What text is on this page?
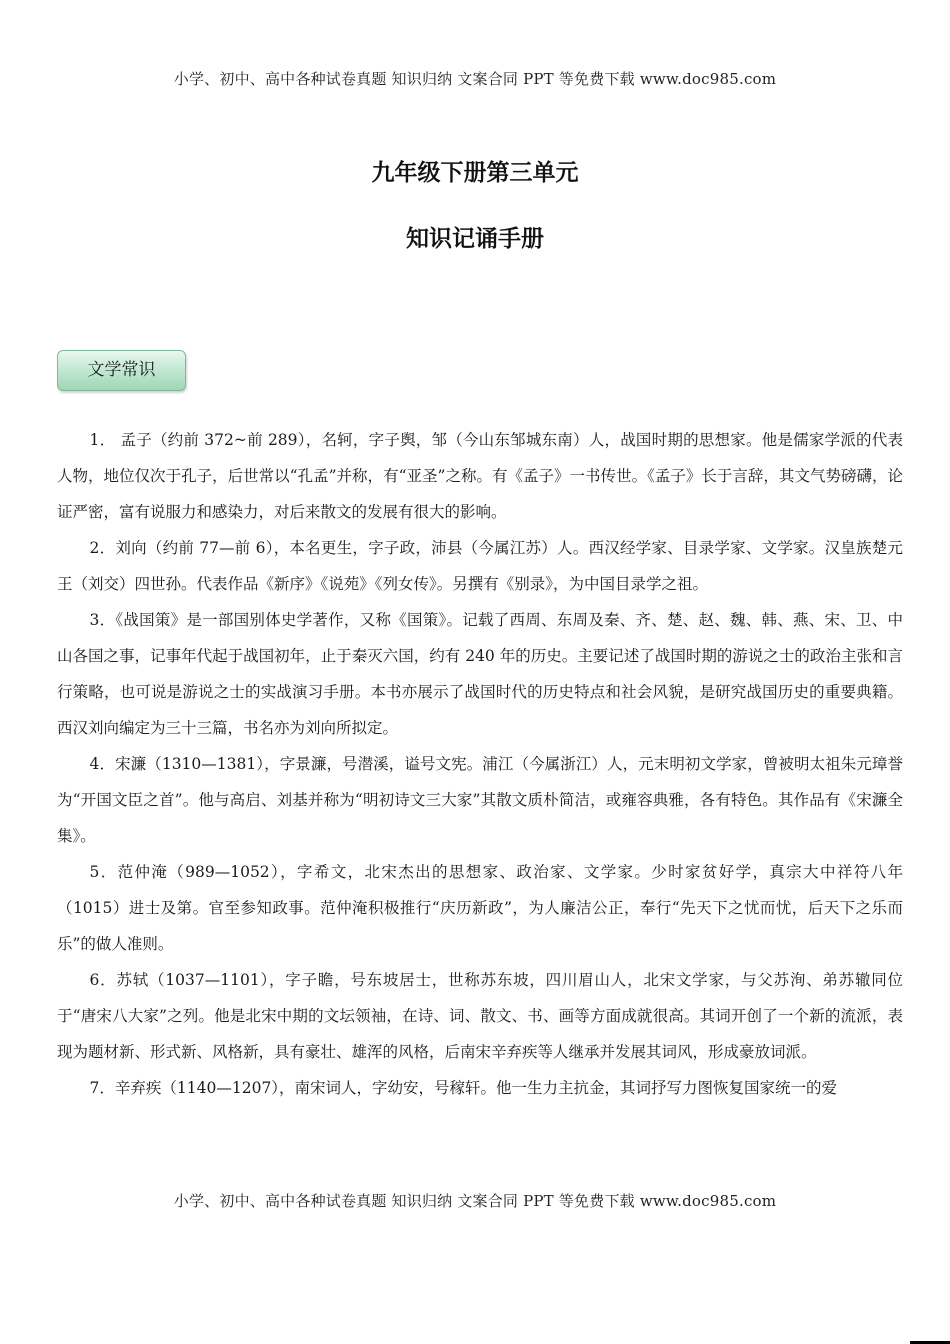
小学、初中、高中各种试卷真题 知识归纳 文案合同 PPT 等免费下载 www.doc985.com
九年级下册第三单元
知识记诵手册
文学常识

1． 孟子（约前 372~前 289），名轲，字子舆，邹（今山东邹城东南）人，战国时期的思想家。他是儒家学派的代表人物，地位仅次于孔子，后世常以“孔孟”并称，有“亚圣”之称。有《孟子》一书传世。《孟子》长于言辞，其文气势磅礴，论证严密，富有说服力和感染力，对后来散文的发展有很大的影响。

2．刘向（约前 77—前 6），本名更生，字子政，沛县（今属江苏）人。西汉经学家、目录学家、文学家。汉皇族楚元王（刘交）四世孙。代表作品《新序》《说苑》《列女传》。另撰有《别录》，为中国目录学之祖。

3．《战国策》是一部国别体史学著作，又称《国策》。记载了西周、东周及秦、齐、楚、赵、魏、韩、燕、宋、卫、中山各国之事，记事年代起于战国初年，止于秦灭六国，约有 240 年的历史。主要记述了战国时期的游说之士的政治主张和言行策略，也可说是游说之士的实战演习手册。本书亦展示了战国时代的历史特点和社会风貌，是研究战国历史的重要典籍。西汉刘向编定为三十三篇，书名亦为刘向所拟定。

4．宋濂（1310—1381），字景濂，号潜溪，谥号文宪。浦江（今属浙江）人，元末明初文学家，曾被明太祖朱元璋誉为“开国文臣之首”。他与高启、刘基并称为“明初诗文三大家”其散文质朴简洁，或雍容典雅，各有特色。其作品有《宋濂全集》。

5．范仲淹（989—1052），字希文，北宋杰出的思想家、政治家、文学家。少时家贫好学，真宗大中祥符八年（1015）进士及第。官至参知政事。范仲淹积极推行“庆历新政”，为人廉洁公正，奉行“先天下之忧而忧，后天下之乐而乐”的做人准则。

6．苏轼（1037—1101），字子瞻，号东坡居士，世称苏东坡，四川眉山人，北宋文学家，与父苏洵、弟苏辙同位于“唐宋八大家”之列。他是北宋中期的文坛领袖，在诗、词、散文、书、画等方面成就很高。其词开创了一个新的流派，表现为题材新、形式新、风格新，具有豪壮、雄浑的风格，后南宋辛弃疾等人继承并发展其词风，形成豪放词派。

7．辛弃疾（1140—1207），南宋词人，字幼安，号稼轩。他一生力主抗金，其词抒写力图恢复国家统一的爱

小学、初中、高中各种试卷真题 知识归纳 文案合同 PPT 等免费下载 www.doc985.com
